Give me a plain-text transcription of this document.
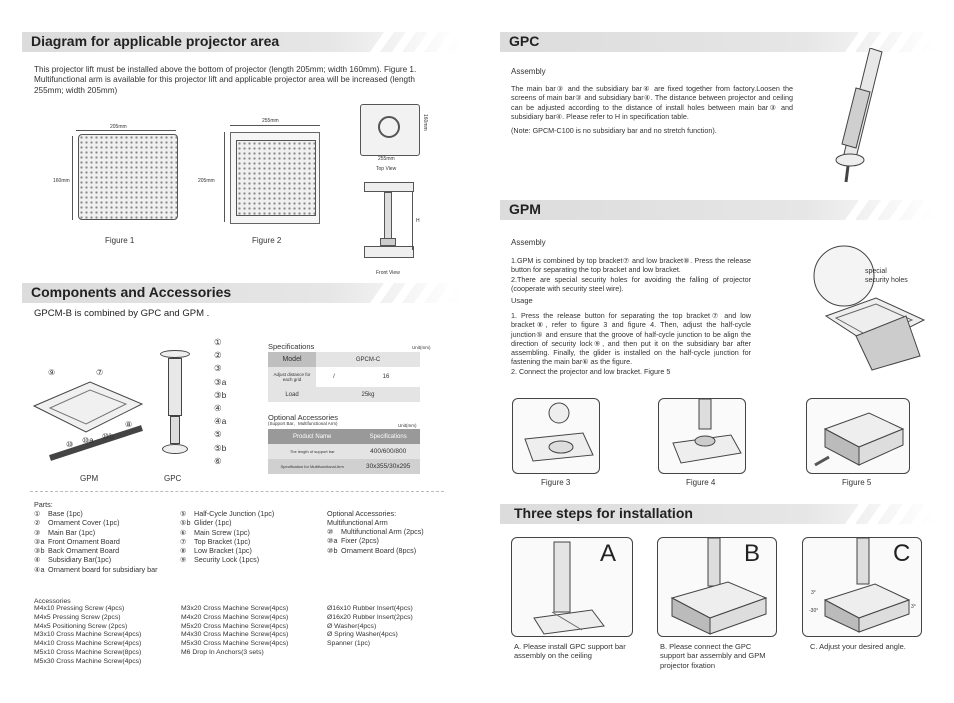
Diagram for applicable projector area
This projector lift must be installed above the bottom of projector (length 205mm; width 160mm). Figure 1. Multifunctional arm is available for this projector lift and applicable projector area will be increased (length 255mm; width 205mm)
205mm
160mm
Figure 1
255mm
205mm
Figure 2
160mm
255mm
Top View
H
Front View
Components and Accessories
GPCM-B is combined by GPC and GPM .
⑨	⑦
⑧
⑩ ⑩a ⑩b
GPM
①
②
③
③a
③b
④
④a
⑤
⑤b
⑥
GPC
Specifications	Unit(mm)
Model	GPCM-C	
Adjust distance for each grid	/	16
Load	25kg	
Optional Accessories
(Support Bar、Multifunctional Arm)	Unit(mm)
Product Name	Specifications
The length of support bar	400/600/800
Specification for Multifunctional Arm	30x355/30x295
Parts:
①	Base (1pc)
②	Ornament Cover (1pc)
③	Main Bar (1pc)
③a Front Ornament Board
③b Back Ornament Board
④	Subsidiary Bar(1pc)
④a Ornament board for subsidiary bar
⑤	Half-Cycle Junction (1pc)
⑤b Glider (1pc)
⑥	Main Screw (1pc)
⑦	Top Bracket (1pc)
⑧	Low Bracket (1pc)
⑨	Security Lock (1pcs)
Optional Accessories:
Multifunctional Arm
⑩	Multifunctional Arm (2pcs)
⑩a Fixer (2pcs)
⑩b Ornament Board (8pcs)
Accessories
M4x10 Pressing Screw (4pcs)
M4x5 Pressing Screw (2pcs)
M4x5 Positioning Screw (2pcs)
M3x10 Cross Machine Screw(4pcs)
M4x10 Cross Machine Screw(4pcs)
M5x10 Cross Machine Screw(8pcs)
M5x30 Cross Machine Screw(4pcs)
M3x20 Cross Machine Screw(4pcs)
M4x20 Cross Machine Screw(4pcs)
M5x20 Cross Machine Screw(4pcs)
M4x30 Cross Machine Screw(4pcs)
M5x30 Cross Machine Screw(4pcs)
M6 Drop In Anchors(3 sets)
Ø16x10 Rubber Insert(4pcs)
Ø16x20 Rubber Insert(2pcs)
Ø Washer(4pcs)
Ø Spring Washer(4pcs)
Spanner (1pc)
GPC
Assembly
The main bar③ and the subsidiary bar④ are fixed together from factory.Loosen the screens of main bar③ and subsidiary bar④. The distance between projector and ceiling can be adjusted according to the distance of install holes between main bar③ and subsidiary bar④. Please refer to H in specification table.
(Note: GPCM-C100 is no subsidiary bar and no stretch function).
GPM
Assembly
1.GPM is combined by top bracket⑦ and low bracket⑧. Press the release button for separating the top bracket and low bracket.
2.There are special security holes for avoiding the falling of projector (cooperate with security steel wire).
Usage
1. Press the release button for separating the top bracket⑦ and low bracket⑧, refer to figure 3 and figure 4. Then, adjust the half-cycle junction⑤ and ensure that the groove of half-cycle junction to be align the direction of security lock⑨, and then put it on the subsidiary bar after assembling. Finally, the glider is installed on the half-cycle junction for fastening the main bar⑥ as the figure.
2. Connect the projector and low bracket. Figure 5
special
security holes
Figure 3	Figure 4	Figure 5
Three steps for installation
A	B	C
3°
-30°
3°
A. Please install GPC support bar assembly on the ceiling
B. Please connect the GPC support bar assembly and GPM projector fixation
C. Adjust your desired angle.
